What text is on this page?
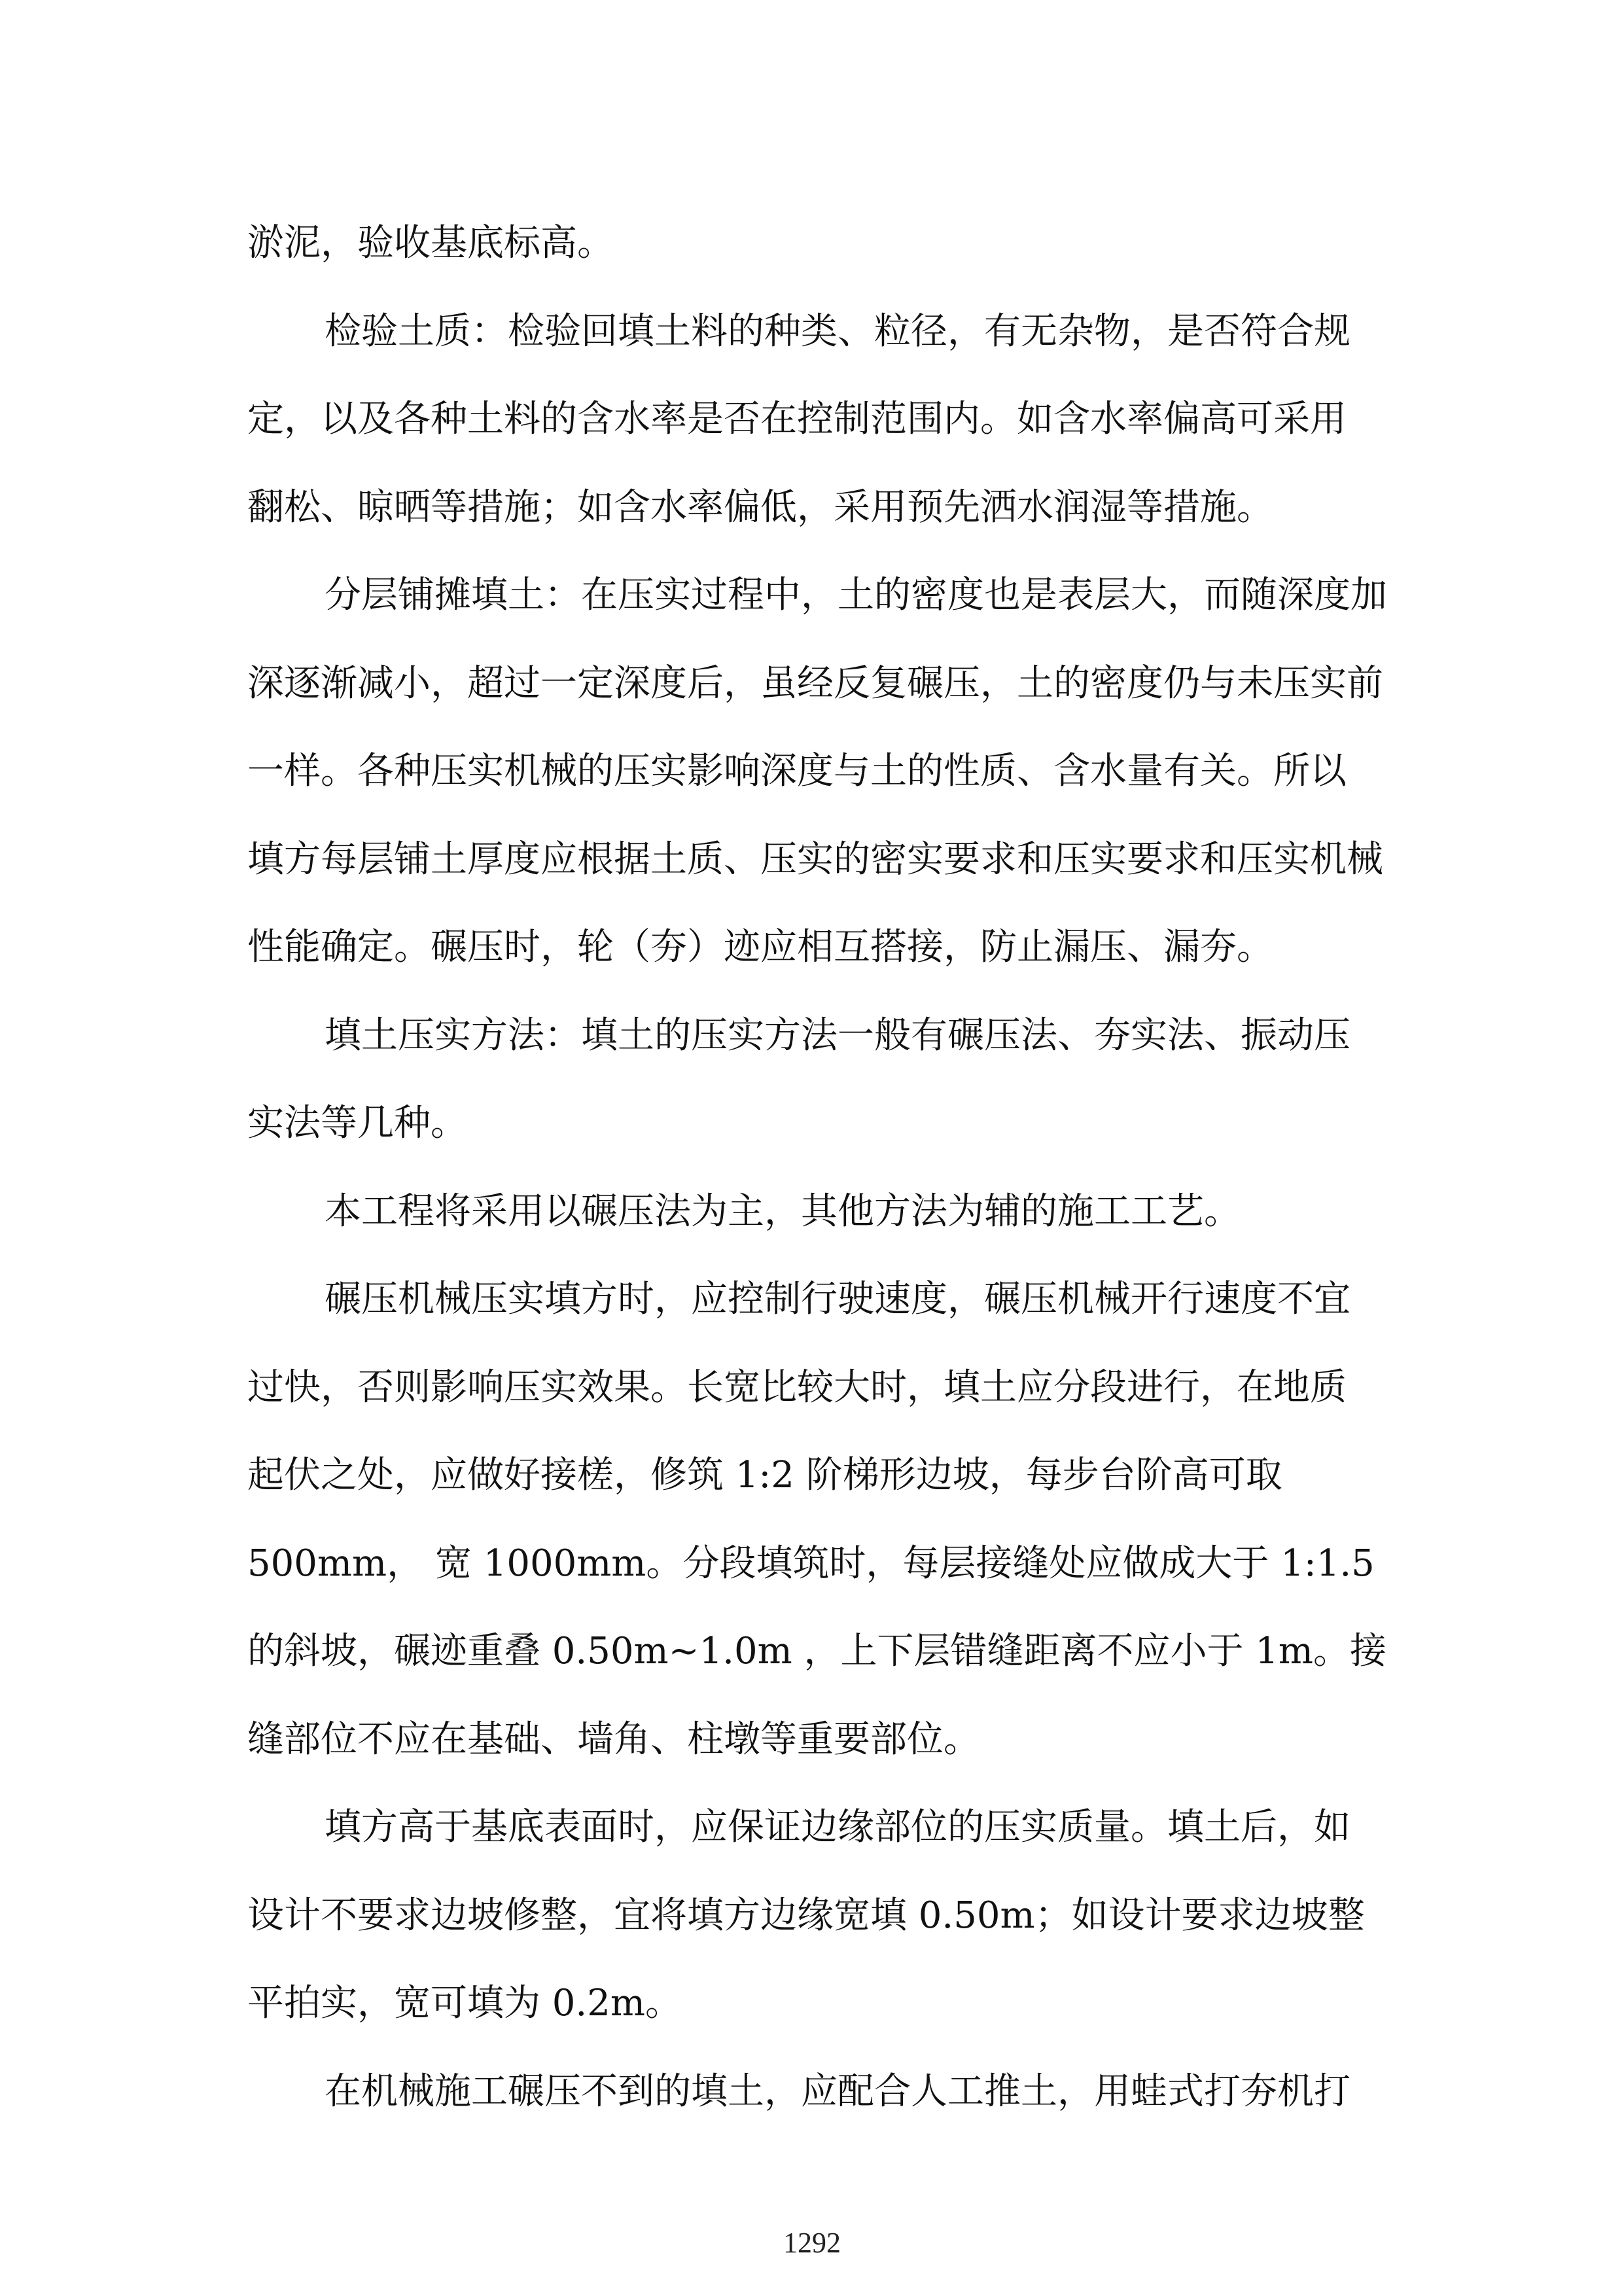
淤泥，验收基底标高。
检验土质：检验回填土料的种类、粒径，有无杂物，是否符合规
定，以及各种土料的含水率是否在控制范围内。如含水率偏高可采用
翻松、晾晒等措施；如含水率偏低，采用预先洒水润湿等措施。
分层铺摊填土：在压实过程中，土的密度也是表层大，而随深度加
深逐渐减小，超过一定深度后，虽经反复碾压，土的密度仍与未压实前
一样。各种压实机械的压实影响深度与土的性质、含水量有关。所以
填方每层铺土厚度应根据土质、压实的密实要求和压实要求和压实机械
性能确定。碾压时，轮（夯）迹应相互搭接，防止漏压、漏夯。
填土压实方法：填土的压实方法一般有碾压法、夯实法、振动压
实法等几种。
本工程将采用以碾压法为主，其他方法为辅的施工工艺。
碾压机械压实填方时，应控制行驶速度，碾压机械开行速度不宜
过快，否则影响压实效果。长宽比较大时，填土应分段进行，在地质
起伏之处，应做好接槎，修筑 1:2 阶梯形边坡，每步台阶高可取
500mm， 宽 1000mm。分段填筑时，每层接缝处应做成大于 1:1.5
的斜坡，碾迹重叠 0.50m~1.0m ，上下层错缝距离不应小于 1m。接
缝部位不应在基础、墙角、柱墩等重要部位。
填方高于基底表面时，应保证边缘部位的压实质量。填土后，如
设计不要求边坡修整，宜将填方边缘宽填 0.50m；如设计要求边坡整
平拍实，宽可填为 0.2m。
在机械施工碾压不到的填土，应配合人工推土，用蛙式打夯机打
1292
